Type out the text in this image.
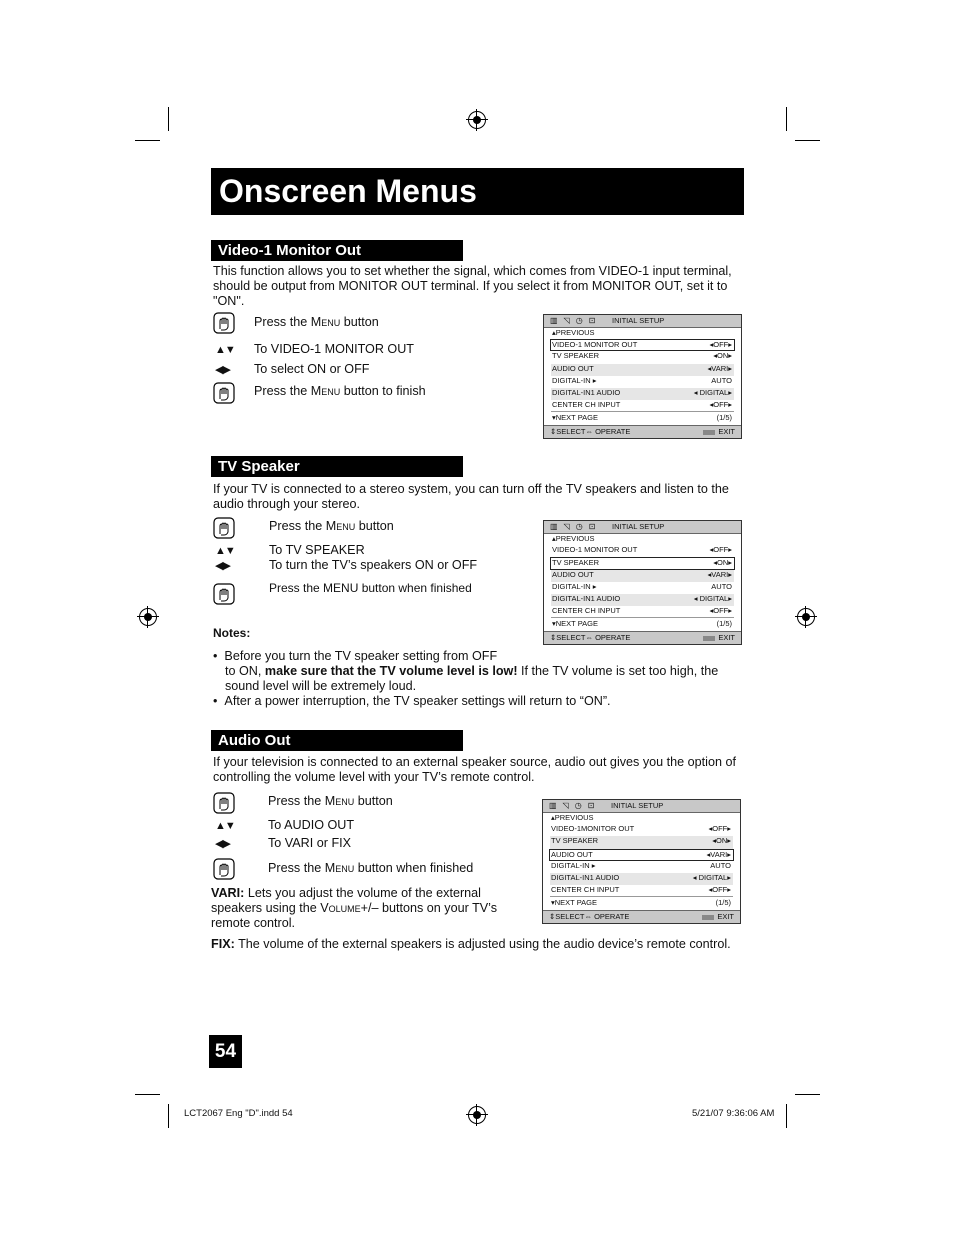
Onscreen Menus
Video-1 Monitor Out

This function allows you to set whether the signal, which comes from VIDEO-1 input terminal, should be output from MONITOR OUT terminal. If you select it from MONITOR OUT, set it to "ON".

Press the Menu button
▲▼ To VIDEO-1 MONITOR OUT
◀▶ To select ON or OFF
Press the Menu button to finish
▥◹◷⊡ INITIAL SETUP
▴PREVIOUS
VIDEO-1 MONITOR OUT	◂OFF▸
TV SPEAKER	◂ON▸
AUDIO OUT	◂VARI▸
DIGITAL-IN ▸	AUTO
DIGITAL-IN1 AUDIO	◂ DIGITAL▸
CENTER CH INPUT	◂OFF▸
▾NEXT PAGE	(1/5)
⇕SELECT⇔ OPERATE	EXIT
TV Speaker

If your TV is connected to a stereo system, you can turn off the TV speakers and listen to the audio through your stereo.

Press the Menu button
▲▼	To TV SPEAKER
◀▶	To turn the TV’s speakers ON or OFF
Press the MENU button when finished
▥◹◷⊡ INITIAL SETUP
▴PREVIOUS
VIDEO-1 MONITOR OUT	◂OFF▸
TV SPEAKER	◂ON▸
AUDIO OUT	◂VARI▸
DIGITAL-IN ▸	AUTO
DIGITAL-IN1 AUDIO	◂ DIGITAL▸
CENTER CH INPUT	◂OFF▸
▾NEXT PAGE	(1/5)
⇕SELECT⇔ OPERATE	EXIT
Notes:
•  Before you turn the TV speaker setting from OFF
to ON, make sure that the TV volume level is low! If the TV volume is set too high, the
sound level will be extremely loud.
•  After a power interruption, the TV speaker settings will return to “ON”.
Audio Out

If your television is connected to an external speaker source, audio out gives you the option of controlling the volume level with your TV’s remote control.

Press the Menu button
▲▼	To AUDIO OUT
◀▶	To VARI or FIX
Press the Menu button when finished
VARI: Lets you adjust the volume of the external
speakers using the Volume+/– buttons on your TV’s
remote control.
FIX: The volume of the external speakers is adjusted using the audio device’s remote control.
▥◹◷⊡ INITIAL SETUP
▴PREVIOUS
VIDEO-1MONITOR OUT	◂OFF▸
TV SPEAKER	◂ON▸
AUDIO OUT	◂VARI▸
DIGITAL-IN ▸	AUTO
DIGITAL-IN1 AUDIO	◂ DIGITAL▸
CENTER CH INPUT	◂OFF▸
▾NEXT PAGE	(1/5)
⇕SELECT⇔ OPERATE	EXIT
54
LCT2067 Eng "D".indd 54	5/21/07 9:36:06 AM
